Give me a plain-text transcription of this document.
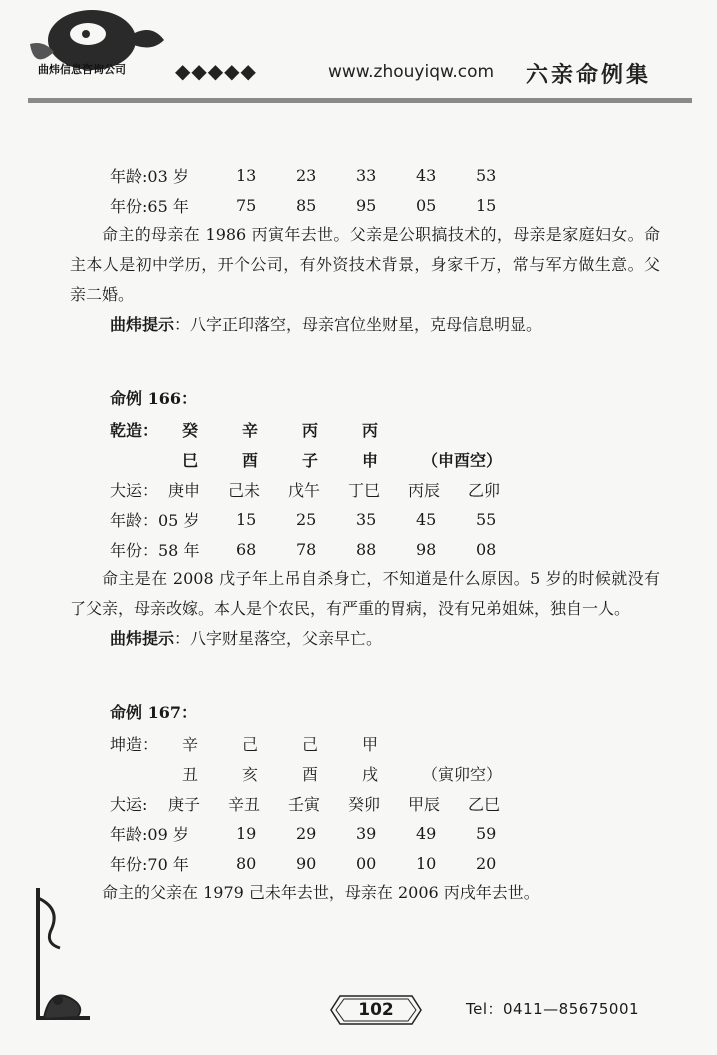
曲炜信息咨询公司 ◆◆◆◆◆	www.zhouyiqw.com 六亲命例集
年龄:03 岁	13	23	33	43	53
年份:65 年	75	85	95	05	15
命主的母亲在 1986 丙寅年去世。父亲是公职搞技术的，母亲是家庭妇女。命主本人是初中学历，开个公司，有外资技术背景，身家千万，常与军方做生意。父亲二婚。
曲炜提示：八字正印落空，母亲宫位坐财星，克母信息明显。
命例 166：
乾造：	癸	辛	丙	丙
巳	酉	子	申	（申酉空）
大运： 庚申	己未	戊午	丁巳	丙辰	乙卯
年龄：05 岁	15	25	35	45	55
年份：58 年	68	78	88	98	08
命主是在 2008 戊子年上吊自杀身亡，不知道是什么原因。5 岁的时候就没有了父亲，母亲改嫁。本人是个农民，有严重的胃病，没有兄弟姐妹，独自一人。
曲炜提示：八字财星落空，父亲早亡。
命例 167：
坤造：	辛	己	己	甲
丑	亥	酉	戌	（寅卯空）
大运:	庚子	辛丑	壬寅	癸卯	甲辰	乙巳
年龄:09 岁	19	29	39	49	59
年份:70 年	80	90	00	10	20
命主的父亲在 1979 己未年去世，母亲在 2006 丙戌年去世。
102	Tel：0411—85675001
